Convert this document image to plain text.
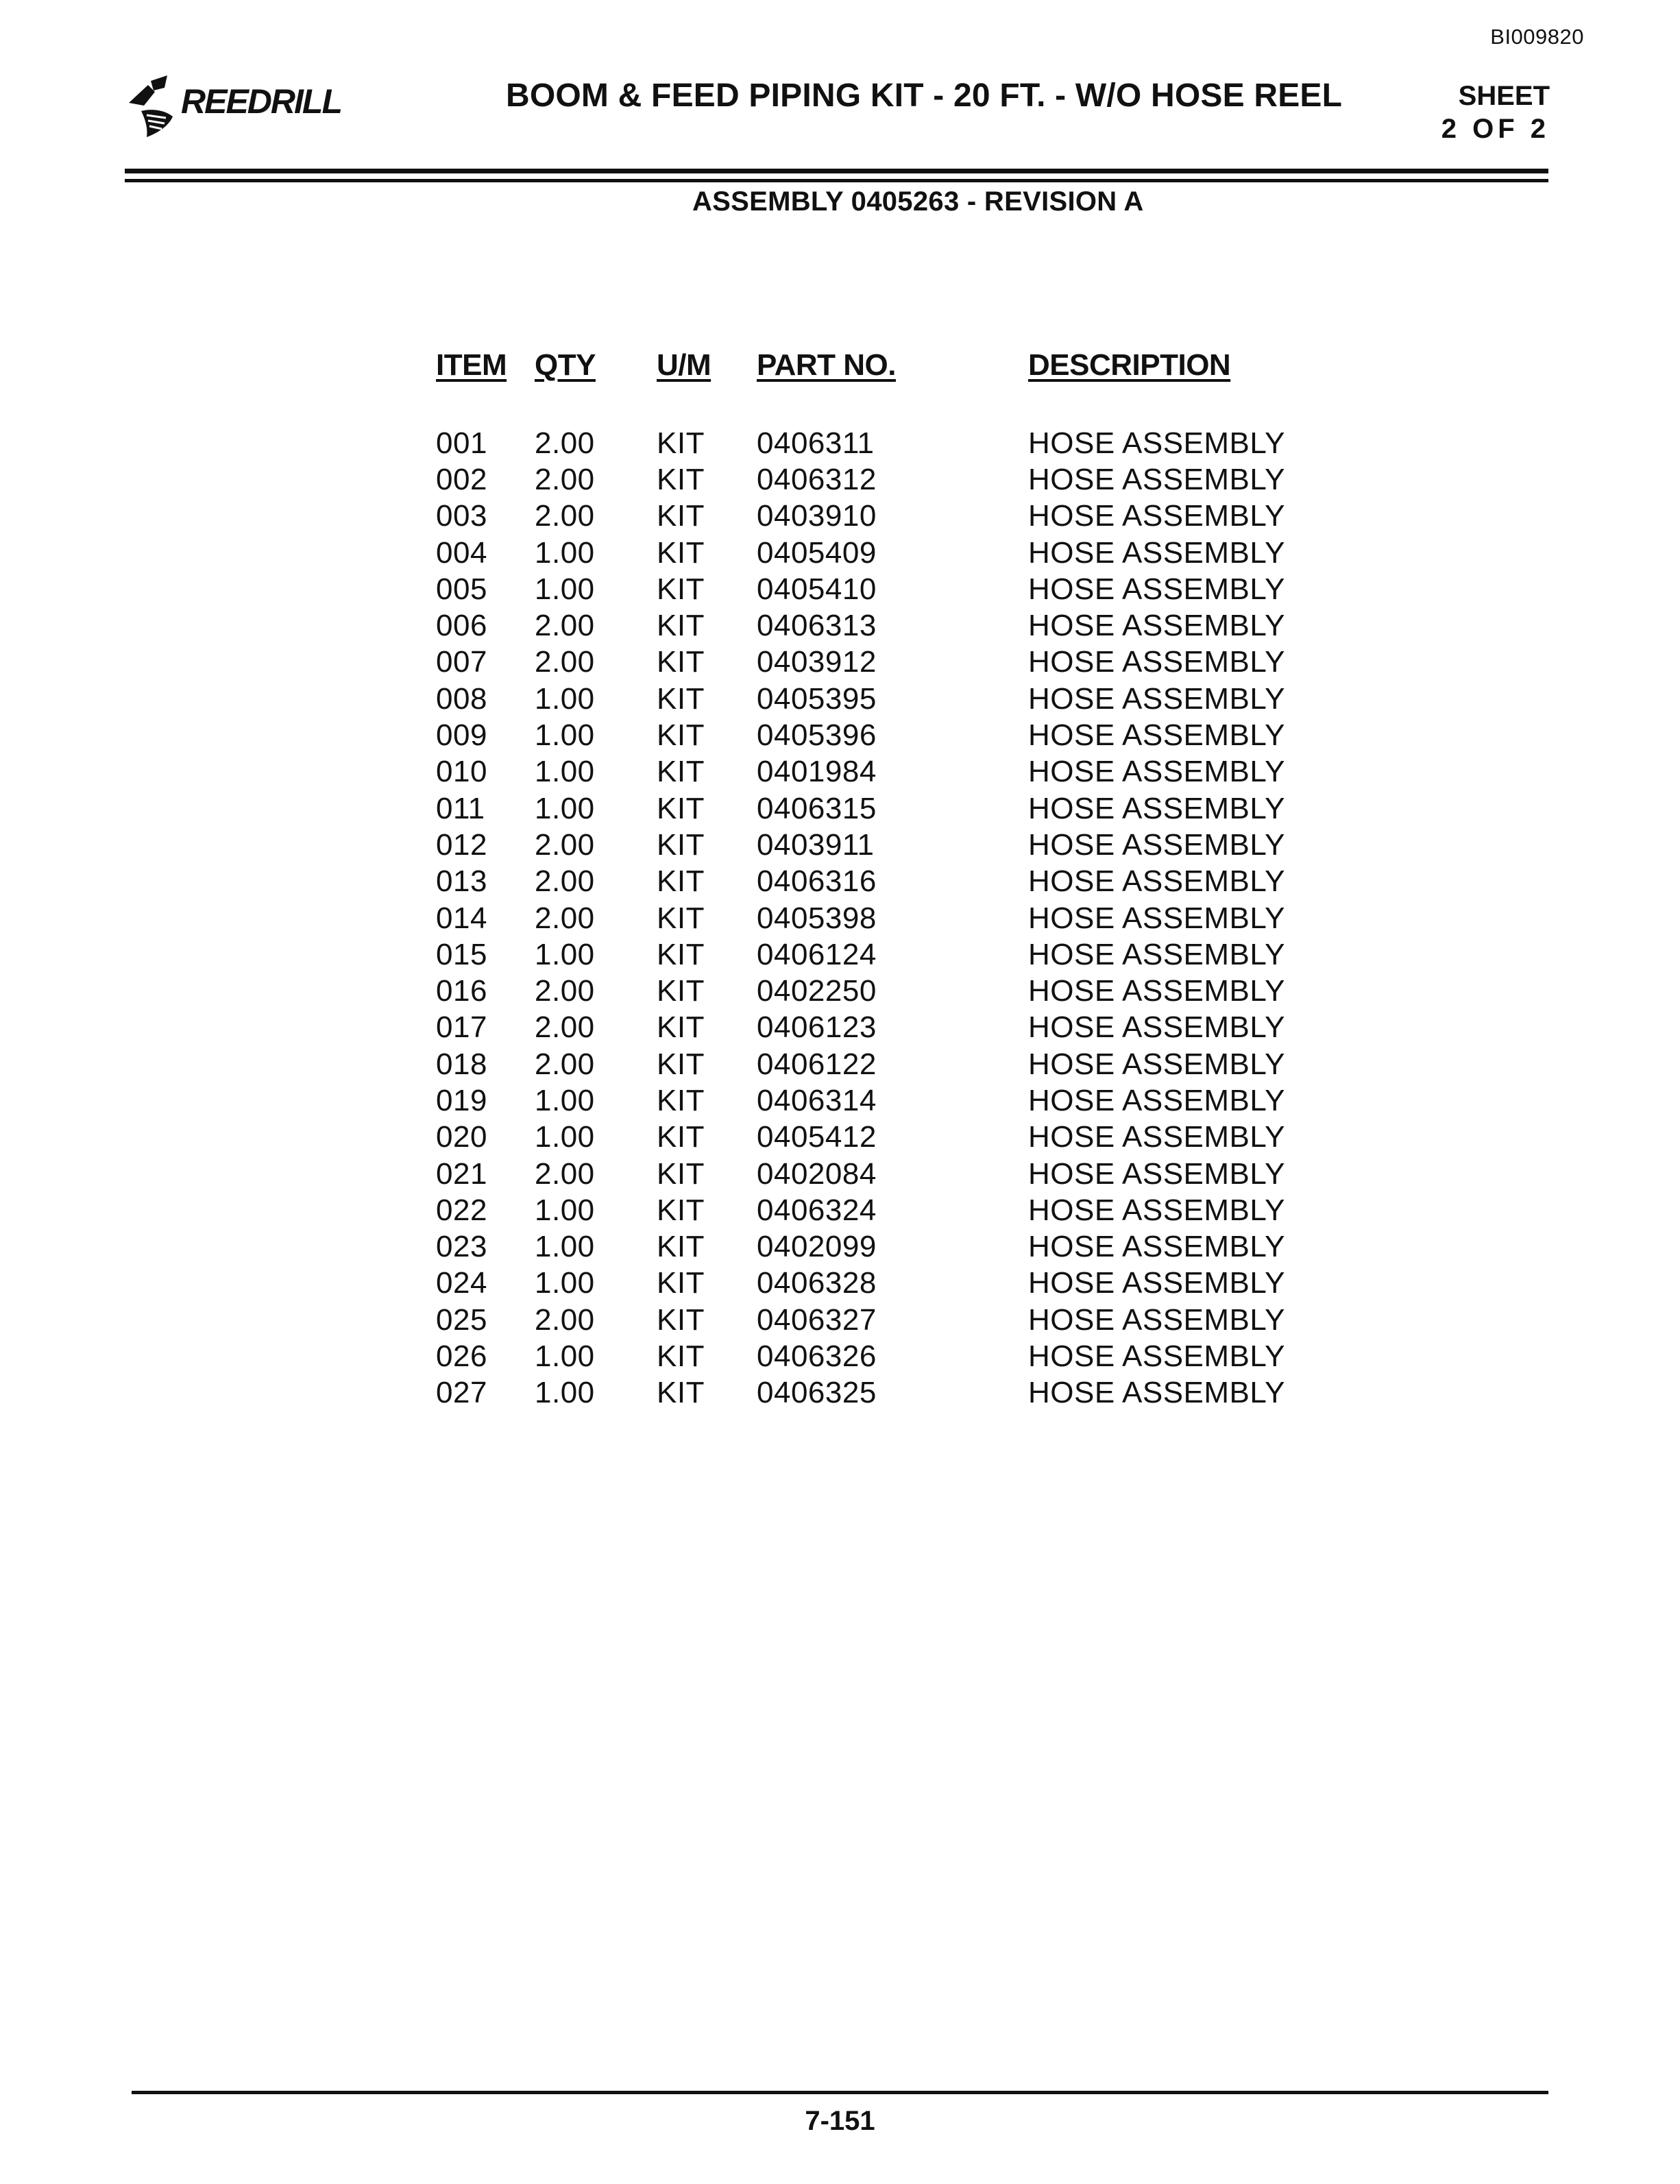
BI009820
REEDRILL	BOOM & FEED PIPING KIT - 20 FT. - W/O HOSE REEL	SHEET
2 OF 2
ASSEMBLY 0405263 - REVISION A
ITEM	QTY	U/M	PART NO.	DESCRIPTION

001	2.00	KIT	0406311	HOSE ASSEMBLY
002	2.00	KIT	0406312	HOSE ASSEMBLY
003	2.00	KIT	0403910	HOSE ASSEMBLY
004	1.00	KIT	0405409	HOSE ASSEMBLY
005	1.00	KIT	0405410	HOSE ASSEMBLY
006	2.00	KIT	0406313	HOSE ASSEMBLY
007	2.00	KIT	0403912	HOSE ASSEMBLY
008	1.00	KIT	0405395	HOSE ASSEMBLY
009	1.00	KIT	0405396	HOSE ASSEMBLY
010	1.00	KIT	0401984	HOSE ASSEMBLY
011	1.00	KIT	0406315	HOSE ASSEMBLY
012	2.00	KIT	0403911	HOSE ASSEMBLY
013	2.00	KIT	0406316	HOSE ASSEMBLY
014	2.00	KIT	0405398	HOSE ASSEMBLY
015	1.00	KIT	0406124	HOSE ASSEMBLY
016	2.00	KIT	0402250	HOSE ASSEMBLY
017	2.00	KIT	0406123	HOSE ASSEMBLY
018	2.00	KIT	0406122	HOSE ASSEMBLY
019	1.00	KIT	0406314	HOSE ASSEMBLY
020	1.00	KIT	0405412	HOSE ASSEMBLY
021	2.00	KIT	0402084	HOSE ASSEMBLY
022	1.00	KIT	0406324	HOSE ASSEMBLY
023	1.00	KIT	0402099	HOSE ASSEMBLY
024	1.00	KIT	0406328	HOSE ASSEMBLY
025	2.00	KIT	0406327	HOSE ASSEMBLY
026	1.00	KIT	0406326	HOSE ASSEMBLY
027	1.00	KIT	0406325	HOSE ASSEMBLY
7-151
